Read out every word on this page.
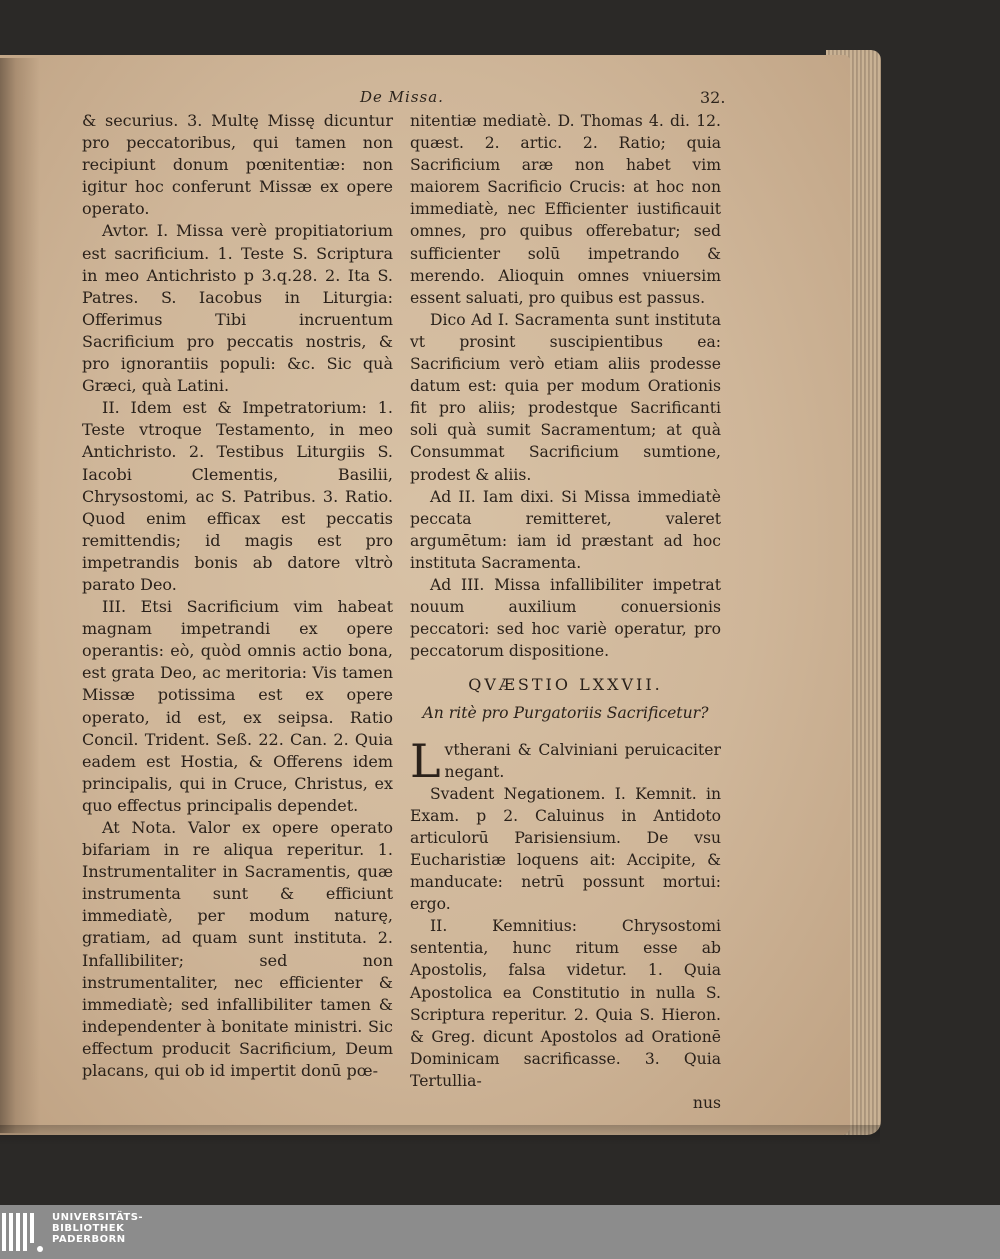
De Missa.	32.

& securius. 3. Multę Missę dicuntur pro peccatoribus, qui tamen non recipiunt donum pœnitentiæ: non igitur hoc conferunt Missæ ex opere operato.

Avtor. I. Missa verè propitiatorium est sacrificium. 1. Teste S. Scriptura in meo Antichristo p 3.q.28. 2. Ita S. Patres. S. Iacobus in Liturgia: Offerimus Tibi incruentum Sacrificium pro peccatis nostris, & pro ignorantiis populi: &c. Sic quà Græci, quà Latini.

II. Idem est & Impetratorium: 1. Teste vtroque Testamento, in meo Antichristo. 2. Testibus Liturgiis S. Iacobi Clementis, Basilii, Chrysostomi, ac S. Patribus. 3. Ratio. Quod enim efficax est peccatis remittendis; id magis est pro impetrandis bonis ab datore vltrò parato Deo.

III. Etsi Sacrificium vim habeat magnam impetrandi ex opere operantis: eò, quòd omnis actio bona, est grata Deo, ac meritoria: Vis tamen Missæ potissima est ex opere operato, id est, ex seipsa. Ratio Concil. Trident. Seß. 22. Can. 2. Quia eadem est Hostia, & Offerens idem principalis, qui in Cruce, Christus, ex quo effectus principalis dependet.

At Nota. Valor ex opere operato bifariam in re aliqua reperitur. 1. Instrumentaliter in Sacramentis, quæ instrumenta sunt & efficiunt immediatè, per modum naturę, gratiam, ad quam sunt instituta. 2. Infallibiliter; sed non instrumentaliter, nec efficienter & immediatè; sed infallibiliter tamen & independenter à bonitate ministri. Sic effectum producit Sacrificium, Deum placans, qui ob id impertit donū pœ-

nitentiæ mediatè. D. Thomas 4. di. 12. quæst. 2. artic. 2. Ratio; quia Sacrificium aræ non habet vim maiorem Sacrificio Crucis: at hoc non immediatè, nec Efficienter iustificauit omnes, pro quibus offerebatur; sed sufficienter solū impetrando & merendo. Alioquin omnes vniuersim essent saluati, pro quibus est passus.

Dico Ad I. Sacramenta sunt instituta vt prosint suscipientibus ea: Sacrificium verò etiam aliis prodesse datum est: quia per modum Orationis fit pro aliis; prodestque Sacrificanti soli quà sumit Sacramentum; at quà Consummat Sacrificium sumtione, prodest & aliis.

Ad II. Iam dixi. Si Missa immediatè peccata remitteret, valeret argumētum: iam id præstant ad hoc instituta Sacramenta.

Ad III. Missa infallibiliter impetrat nouum auxilium conuersionis peccatori: sed hoc variè operatur, pro peccatorum dispositione.

QVÆSTIO LXXVII.

An ritè pro Purgatoriis Sacrificetur?

Lvtherani & Calviniani peruicaciter negant.

Svadent Negationem. I. Kemnit. in Exam. p 2. Caluinus in Antidoto articulorū Parisiensium. De vsu Eucharistiæ loquens ait: Accipite, & manducate: netrū possunt mortui: ergo.

II. Kemnitius: Chrysostomi sententia, hunc ritum esse ab Apostolis, falsa videtur. 1. Quia Apostolica ea Constitutio in nulla S. Scriptura reperitur. 2. Quia S. Hieron. & Greg. dicunt Apostolos ad Orationē Dominicam sacrificasse. 3. Quia Tertullia-

nus

UNIVERSITÄTS-
BIBLIOTHEK
PADERBORN
